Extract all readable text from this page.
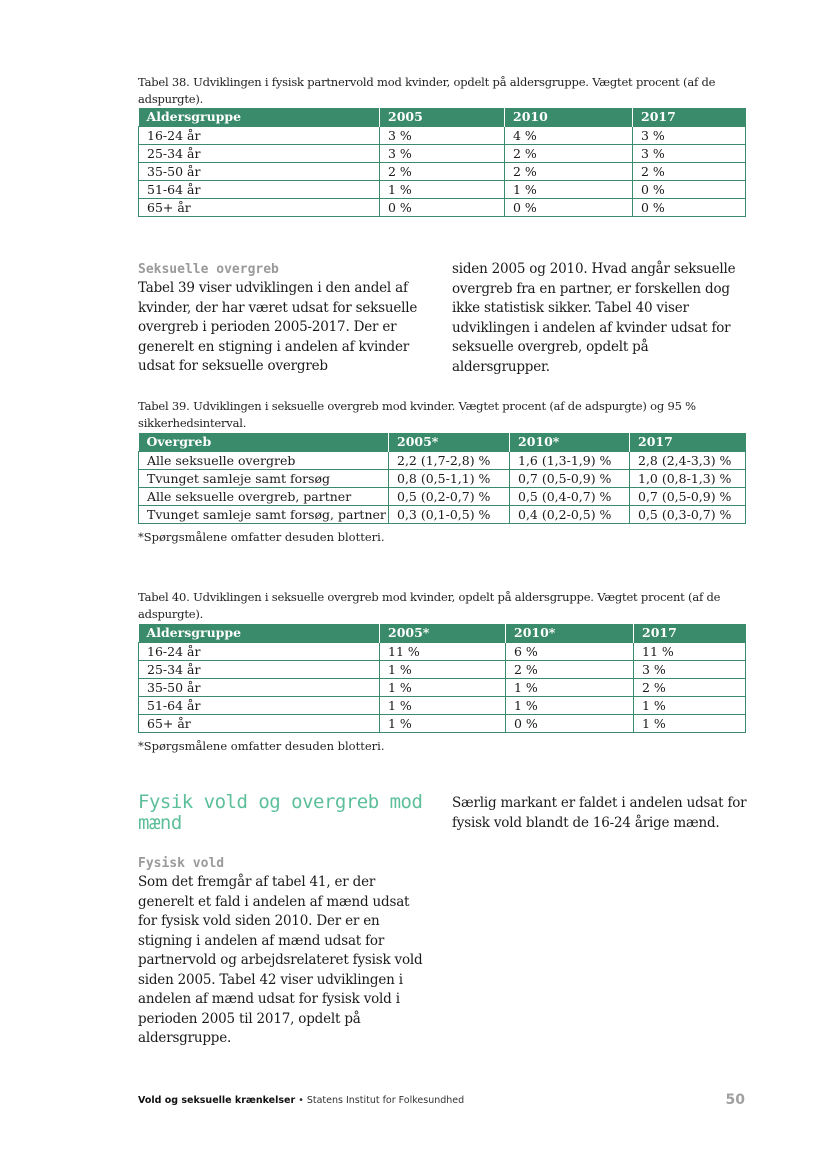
Tabel 38. Udviklingen i fysisk partnervold mod kvinder, opdelt på aldersgruppe. Vægtet procent (af de adspurgte).
Aldersgruppe	2005	2010	2017
16-24 år	3 %	4 %	3 %
25-34 år	3 %	2 %	3 %
35-50 år	2 %	2 %	2 %
51-64 år	1 %	1 %	0 %
65+ år	0 %	0 %	0 %
Seksuelle overgreb
Tabel 39 viser udviklingen i den andel af kvinder, der har været udsat for seksuelle overgreb i perioden 2005-2017. Der er generelt en stigning i andelen af kvinder udsat for seksuelle overgreb
siden 2005 og 2010. Hvad angår seksuelle overgreb fra en partner, er forskellen dog ikke statistisk sikker. Tabel 40 viser udviklingen i andelen af kvinder udsat for seksuelle overgreb, opdelt på aldersgrupper.
Tabel 39. Udviklingen i seksuelle overgreb mod kvinder. Vægtet procent (af de adspurgte) og 95 % sikkerhedsinterval.
Overgreb	2005*	2010*	2017
Alle seksuelle overgreb	2,2 (1,7-2,8) %	1,6 (1,3-1,9) %	2,8 (2,4-3,3) %
Tvunget samleje samt forsøg	0,8 (0,5-1,1) %	0,7 (0,5-0,9) %	1,0 (0,8-1,3) %
Alle seksuelle overgreb, partner	0,5 (0,2-0,7) %	0,5 (0,4-0,7) %	0,7 (0,5-0,9) %
Tvunget samleje samt forsøg, partner	0,3 (0,1-0,5) %	0,4 (0,2-0,5) %	0,5 (0,3-0,7) %
*Spørgsmålene omfatter desuden blotteri.
Tabel 40. Udviklingen i seksuelle overgreb mod kvinder, opdelt på aldersgruppe. Vægtet procent (af de adspurgte).
Aldersgruppe	2005*	2010*	2017
16-24 år	11 %	6 %	11 %
25-34 år	1 %	2 %	3 %
35-50 år	1 %	1 %	2 %
51-64 år	1 %	1 %	1 %
65+ år	1 %	0 %	1 %
*Spørgsmålene omfatter desuden blotteri.
Fysik vold og overgreb mod mænd
Fysisk vold
Som det fremgår af tabel 41, er der generelt et fald i andelen af mænd udsat for fysisk vold siden 2010. Der er en stigning i andelen af mænd udsat for partnervold og arbejdsrelateret fysisk vold siden 2005. Tabel 42 viser udviklingen i andelen af mænd udsat for fysisk vold i perioden 2005 til 2017, opdelt på aldersgruppe.
Særlig markant er faldet i andelen udsat for fysisk vold blandt de 16-24 årige mænd.
Vold og seksuelle krænkelser • Statens Institut for Folkesundhed	50
